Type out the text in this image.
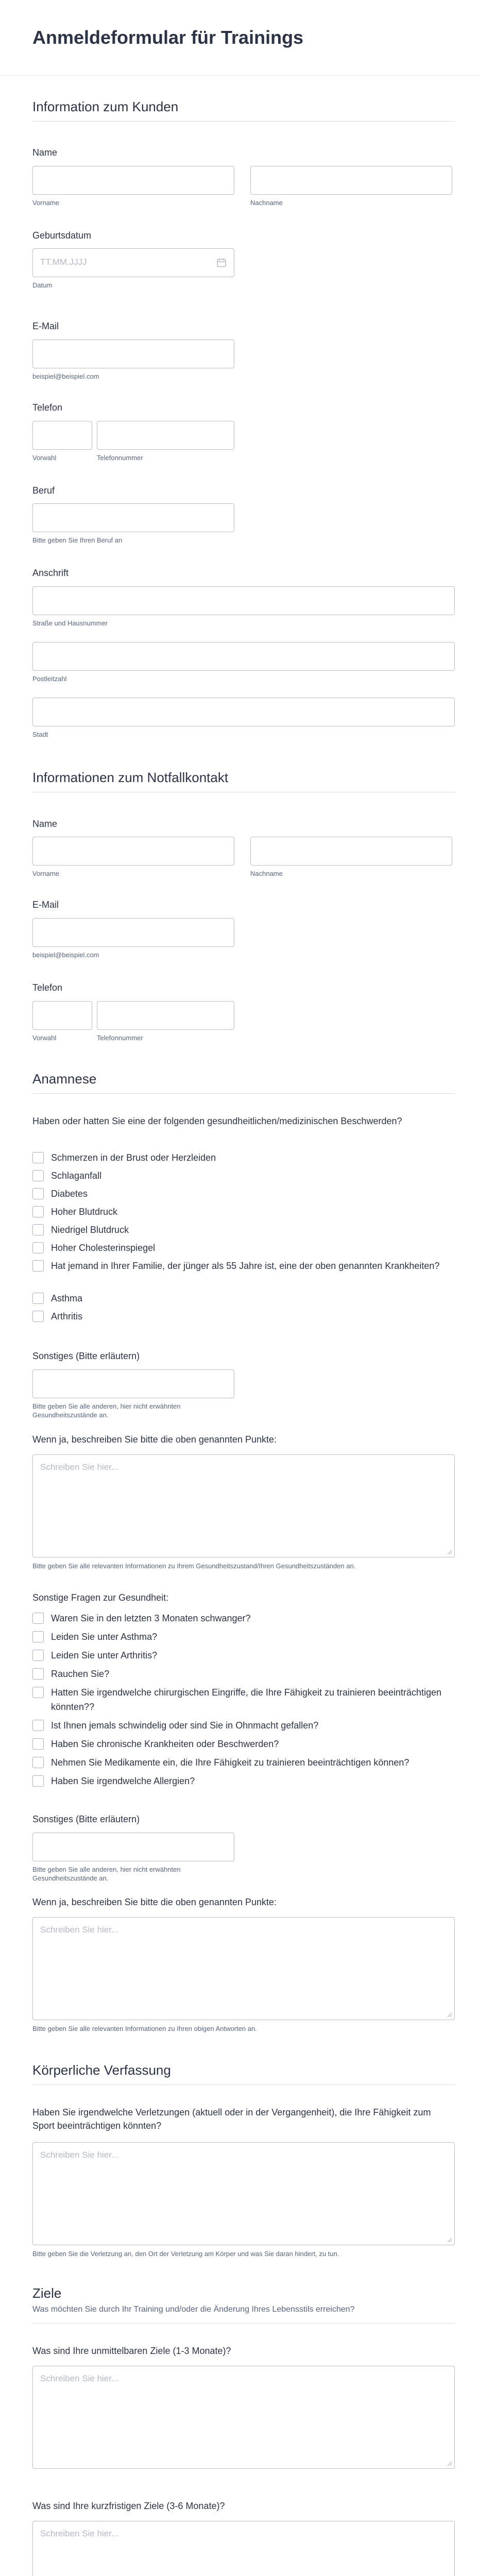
Anmeldeformular für Trainings
Information zum Kunden
Name
Vorname	Nachname
Geburtsdatum
TT.MM.JJJJ
Datum
E-Mail
beispiel@beispiel.com
Telefon
Vorwahl	Telefonnummer
Beruf
Bitte geben Sie Ihren Beruf an
Anschrift
Straße und Hausnummer
Postleitzahl
Stadt
Informationen zum Notfallkontakt
Name
Vorname	Nachname
E-Mail
beispiel@beispiel.com
Telefon
Vorwahl	Telefonnummer
Anamnese
Haben oder hatten Sie eine der folgenden gesundheitlichen/medizinischen Beschwerden?
Schmerzen in der Brust oder Herzleiden
Schlaganfall
Diabetes
Hoher Blutdruck
Niedrigel Blutdruck
Hoher Cholesterinspiegel
Hat jemand in Ihrer Familie, der jünger als 55 Jahre ist, eine der oben genannten Krankheiten?
Asthma
Arthritis
Sonstiges (Bitte erläutern)
Bitte geben Sie alle anderen, hier nicht erwähnten Gesundheitszustände an.
Wenn ja, beschreiben Sie bitte die oben genannten Punkte:
Schreiben Sie hier...
Bitte geben Sie alle relevanten Informationen zu Ihrem Gesundheitszustand/Ihren Gesundheitszuständen an.
Sonstige Fragen zur Gesundheit:
Waren Sie in den letzten 3 Monaten schwanger?
Leiden Sie unter Asthma?
Leiden Sie unter Arthritis?
Rauchen Sie?
Hatten Sie irgendwelche chirurgischen Eingriffe, die Ihre Fähigkeit zu trainieren beeinträchtigen könnten??
Ist Ihnen jemals schwindelig oder sind Sie in Ohnmacht gefallen?
Haben Sie chronische Krankheiten oder Beschwerden?
Nehmen Sie Medikamente ein, die Ihre Fähigkeit zu trainieren beeinträchtigen können?
Haben Sie irgendwelche Allergien?
Sonstiges (Bitte erläutern)
Bitte geben Sie alle anderen, hier nicht erwähnten Gesundheitszustände an.
Wenn ja, beschreiben Sie bitte die oben genannten Punkte:
Schreiben Sie hier...
Bitte geben Sie alle relevanten Informationen zu Ihren obigen Antworten an.
Körperliche Verfassung
Haben Sie irgendwelche Verletzungen (aktuell oder in der Vergangenheit), die Ihre Fähigkeit zum Sport beeinträchtigen könnten?
Schreiben Sie hier...
Bitte geben Sie die Verletzung an, den Ort der Verletzung am Körper und was Sie daran hindert, zu tun.
Ziele
Was möchten Sie durch Ihr Training und/oder die Änderung Ihres Lebensstils erreichen?
Was sind Ihre unmittelbaren Ziele (1-3 Monate)?
Schreiben Sie hier...
Was sind Ihre kurzfristigen Ziele (3-6 Monate)?
Schreiben Sie hier...
